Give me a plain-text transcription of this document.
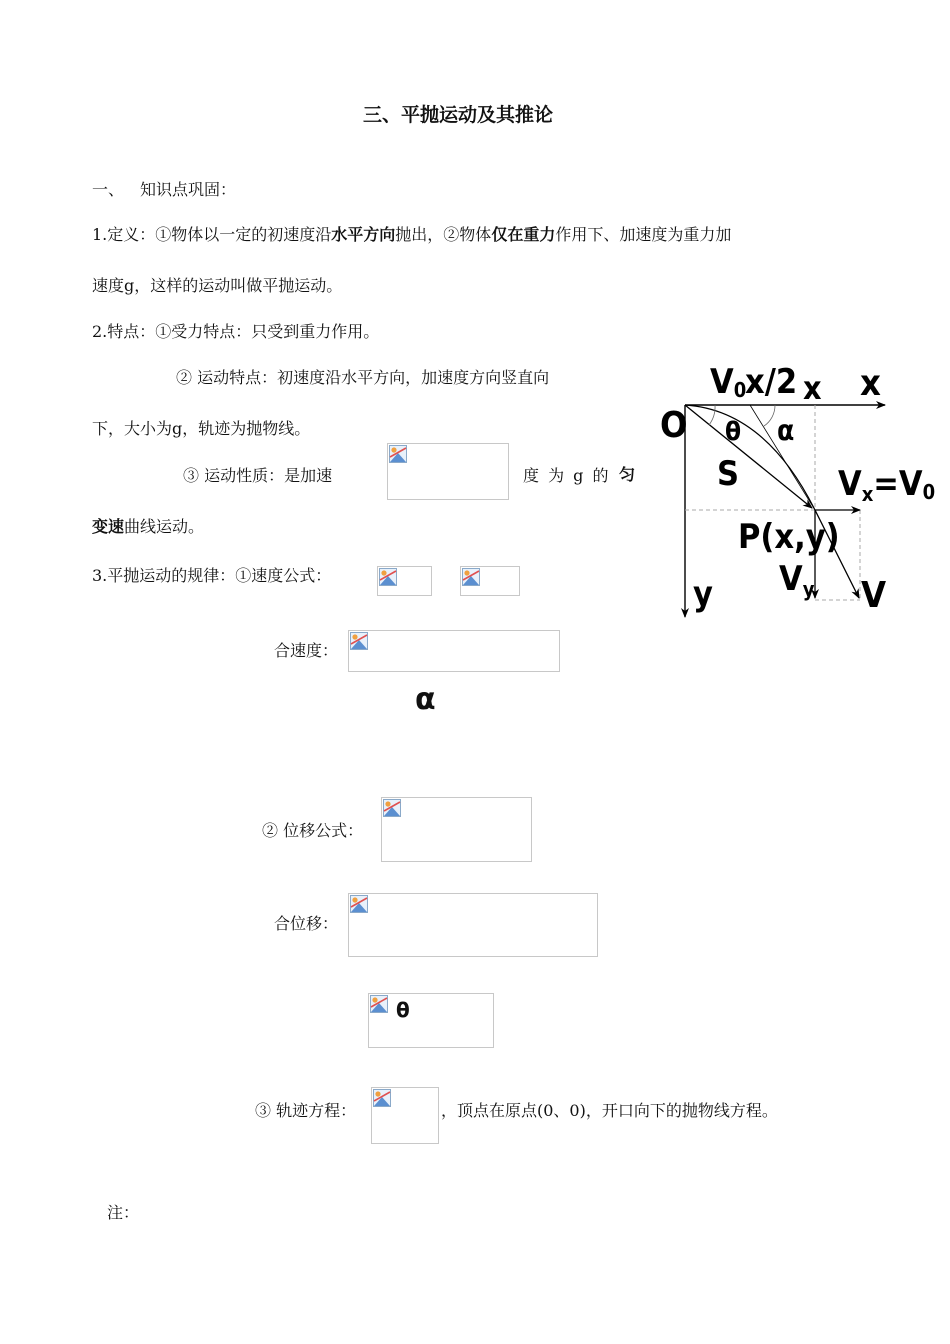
三、平抛运动及其推论
一、 知识点巩固：
1.定义：①物体以一定的初速度沿水平方向抛出，②物体仅在重力作用下、加速度为重力加
速度g，这样的运动叫做平抛运动。
2.特点：①受力特点：只受到重力作用。
② 运动特点：初速度沿水平方向，加速度方向竖直向
下，大小为g，轨迹为抛物线。
③ 运动性质：是加速	度 为 g 的 匀
变速曲线运动。
3.平抛运动的规律：①速度公式：
合速度：
α
② 位移公式：
合位移：
θ
③ 轨迹方程：	，顶点在原点(0、0)，开口向下的抛物线方程。
注：
V0
x/2 x x
O θ α
S	Vx=V0
P(x,y)
y Vy V
